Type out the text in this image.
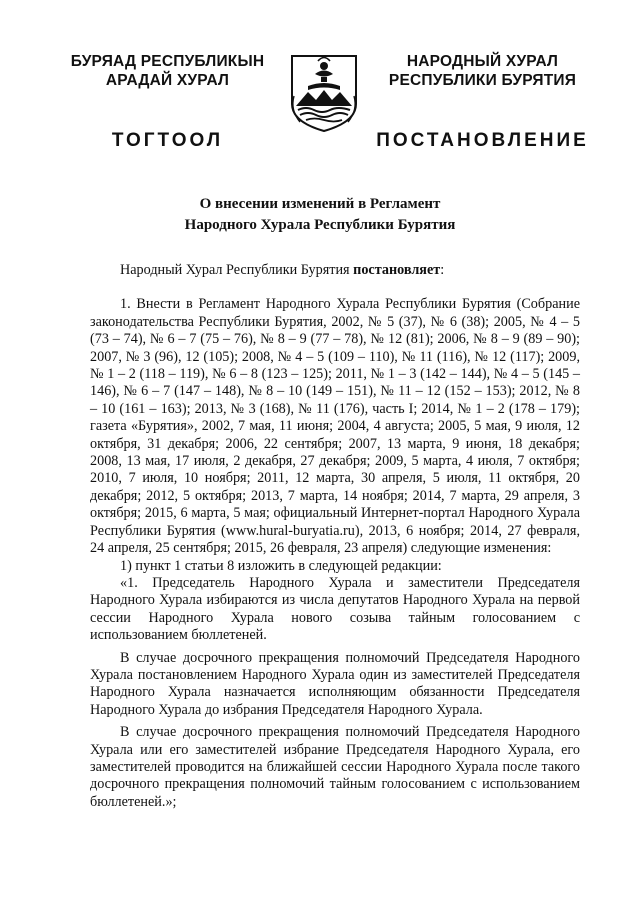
БУРЯАД РЕСПУБЛИКЫН
АРАДАЙ ХУРАЛ
ТОГТООЛ
НАРОДНЫЙ ХУРАЛ
РЕСПУБЛИКИ БУРЯТИЯ
ПОСТАНОВЛЕНИЕ
О внесении изменений в Регламент
Народного Хурала Республики Бурятия

Народный Хурал Республики Бурятия постановляет:

1. Внести в Регламент Народного Хурала Республики Бурятия (Собрание законодательства Республики Бурятия, 2002, № 5 (37), № 6 (38); 2005, № 4 – 5 (73 – 74), № 6 – 7 (75 – 76), № 8 – 9 (77 – 78), № 12 (81); 2006, № 8 – 9 (89 – 90); 2007, № 3 (96), 12 (105); 2008, № 4 – 5 (109 – 110), № 11 (116), № 12 (117); 2009, № 1 – 2 (118 – 119), № 6 – 8 (123 – 125); 2011, № 1 – 3 (142 – 144), № 4 – 5 (145 – 146), № 6 – 7 (147 – 148), № 8 – 10 (149 – 151), № 11 – 12 (152 – 153); 2012, № 8 – 10 (161 – 163); 2013, № 3 (168), № 11 (176), часть I; 2014, № 1 – 2 (178 – 179); газета «Бурятия», 2002, 7 мая, 11 июня; 2004, 4 августа; 2005, 5 мая, 9 июля, 12 октября, 31 декабря; 2006, 22 сентября; 2007, 13 марта, 9 июня, 18 декабря; 2008, 13 мая, 17 июля, 2 декабря, 27 декабря; 2009, 5 марта, 4 июля, 7 октября; 2010, 7 июля, 10 ноября; 2011, 12 марта, 30 апреля, 5 июля, 11 октября, 20 декабря; 2012, 5 октября; 2013, 7 марта, 14 ноября; 2014, 7 марта, 29 апреля, 3 октября; 2015, 6 марта, 5 мая; официальный Интернет-портал Народного Хурала Республики Бурятия (www.hural-buryatia.ru), 2013, 6 ноября; 2014, 27 февраля, 24 апреля, 25 сентября; 2015, 26 февраля, 23 апреля) следующие изменения:

1) пункт 1 статьи 8 изложить в следующей редакции:

«1. Председатель Народного Хурала и заместители Председателя Народного Хурала избираются из числа депутатов Народного Хурала на первой сессии Народного Хурала нового созыва тайным голосованием с использованием бюллетеней.

В случае досрочного прекращения полномочий Председателя Народного Хурала постановлением Народного Хурала один из заместителей Председателя Народного Хурала назначается исполняющим обязанности Председателя Народного Хурала до избрания Председателя Народного Хурала.

В случае досрочного прекращения полномочий Председателя Народного Хурала или его заместителей избрание Председателя Народного Хурала, его заместителей проводится на ближайшей сессии Народного Хурала после такого досрочного прекращения полномочий тайным голосованием с использованием бюллетеней.»;
